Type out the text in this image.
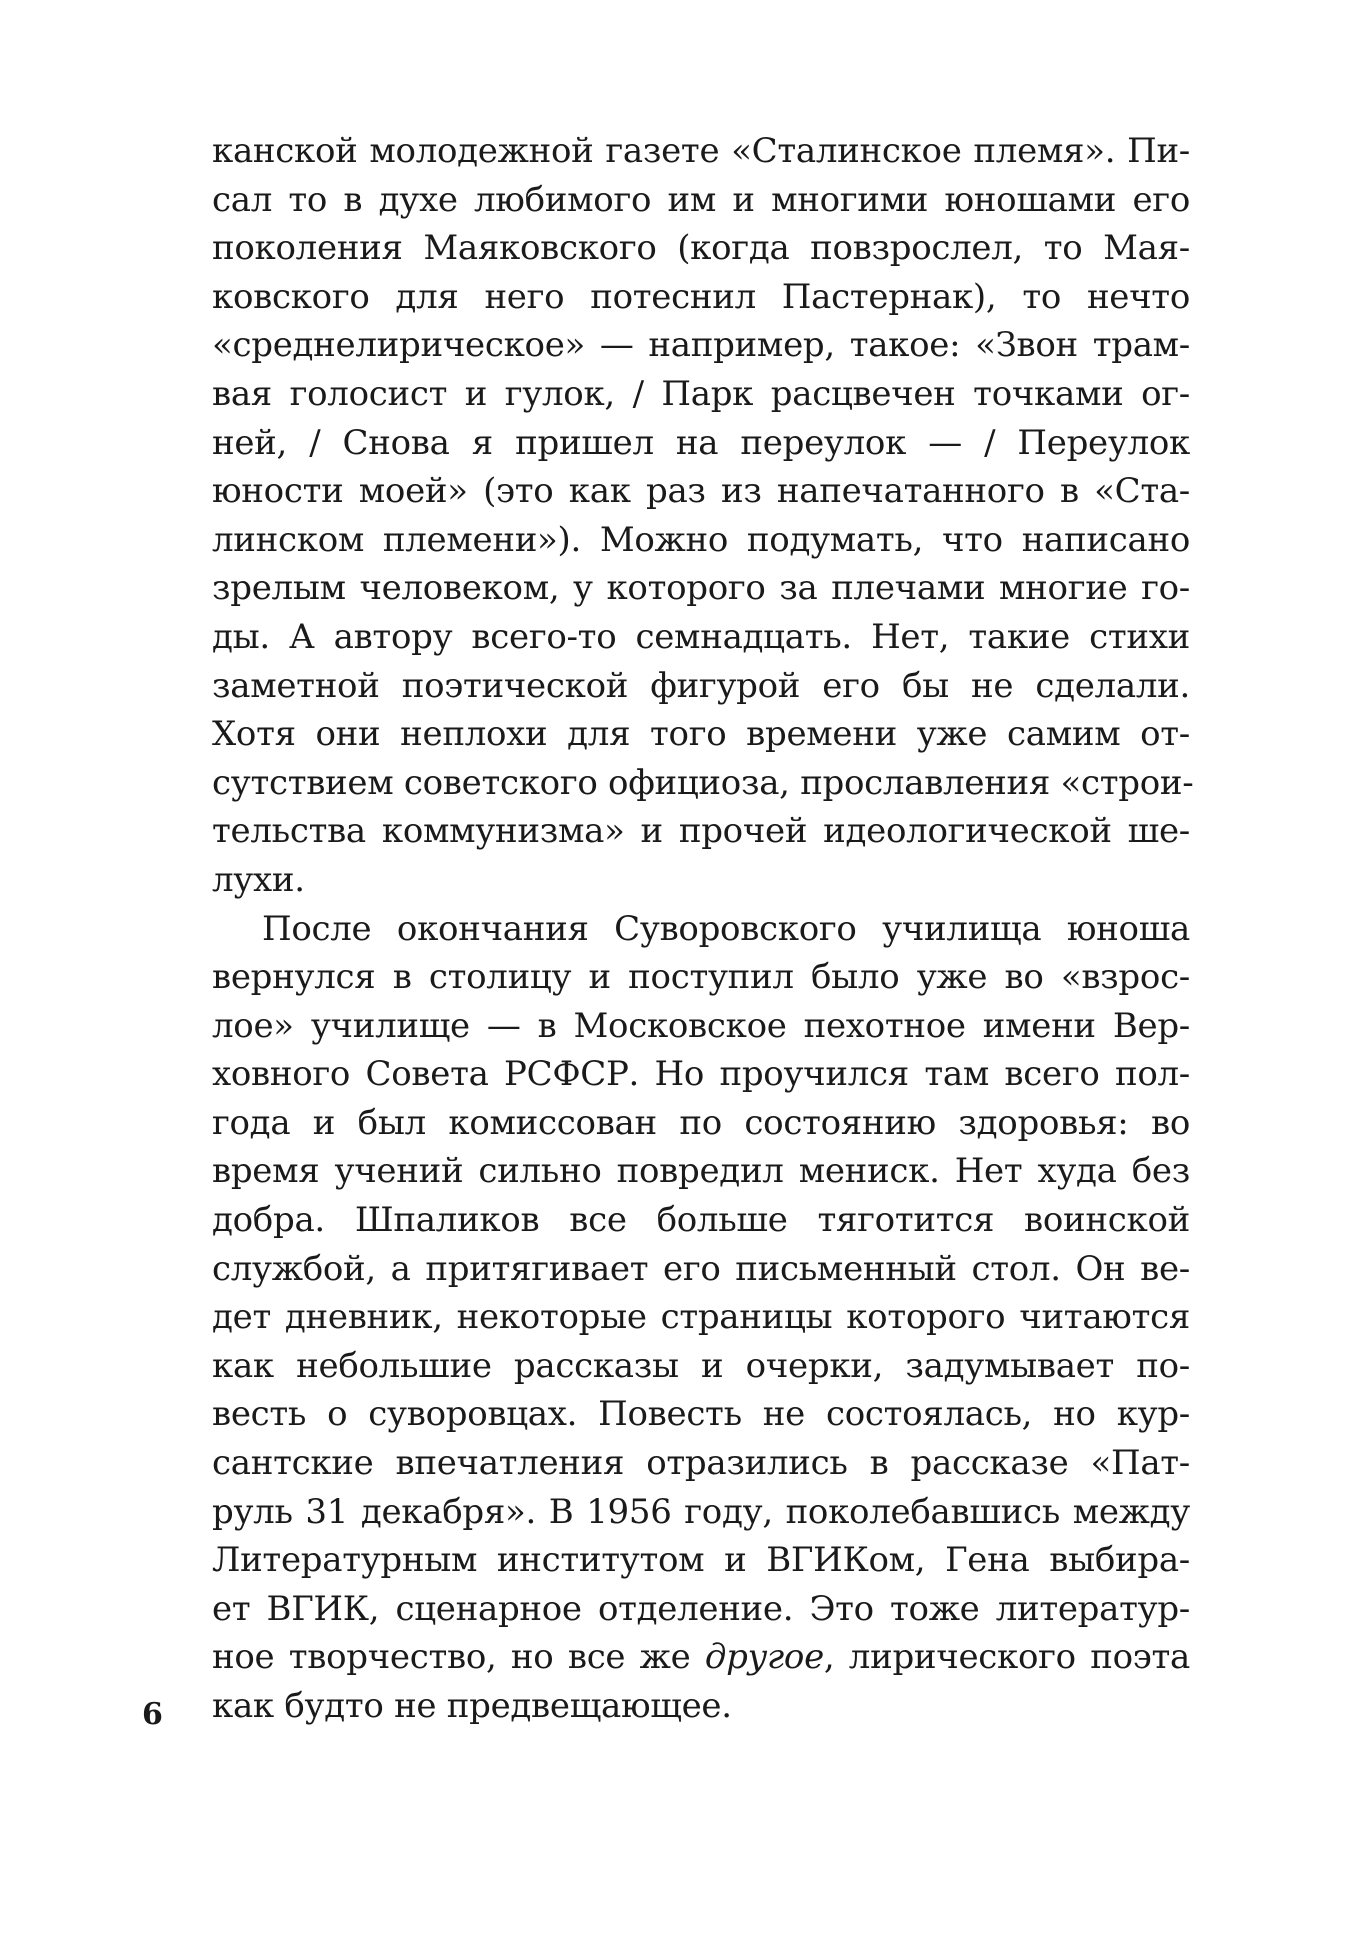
канской молодежной газете «Сталинское племя». Пи-
сал то в духе любимого им и многими юношами его
поколения Маяковского (когда повзрослел, то Мая-
ковского для него потеснил Пастернак), то нечто
«среднелирическое» — например, такое: «Звон трам-
вая голосист и гулок, / Парк расцвечен точками ог-
ней, / Снова я пришел на переулок — / Переулок
юности моей» (это как раз из напечатанного в «Ста-
линском племени»). Можно подумать, что написано
зрелым человеком, у которого за плечами многие го-
ды. А автору всего-то семнадцать. Нет, такие стихи
заметной поэтической фигурой его бы не сделали.
Хотя они неплохи для того времени уже самим от-
сутствием советского официоза, прославления «строи-
тельства коммунизма» и прочей идеологической ше-
лухи.
После окончания Суворовского училища юноша
вернулся в столицу и поступил было уже во «взрос-
лое» училище — в Московское пехотное имени Вер-
ховного Совета РСФСР. Но проучился там всего пол-
года и был комиссован по состоянию здоровья: во
время учений сильно повредил мениск. Нет худа без
добра. Шпаликов все больше тяготится воинской
службой, а притягивает его письменный стол. Он ве-
дет дневник, некоторые страницы которого читаются
как небольшие рассказы и очерки, задумывает по-
весть о суворовцах. Повесть не состоялась, но кур-
сантские впечатления отразились в рассказе «Пат-
руль 31 декабря». В 1956 году, поколебавшись между
Литературным институтом и ВГИКом, Гена выбира-
ет ВГИК, сценарное отделение. Это тоже литератур-
ное творчество, но все же другое, лирического поэта
как будто не предвещающее.
6
